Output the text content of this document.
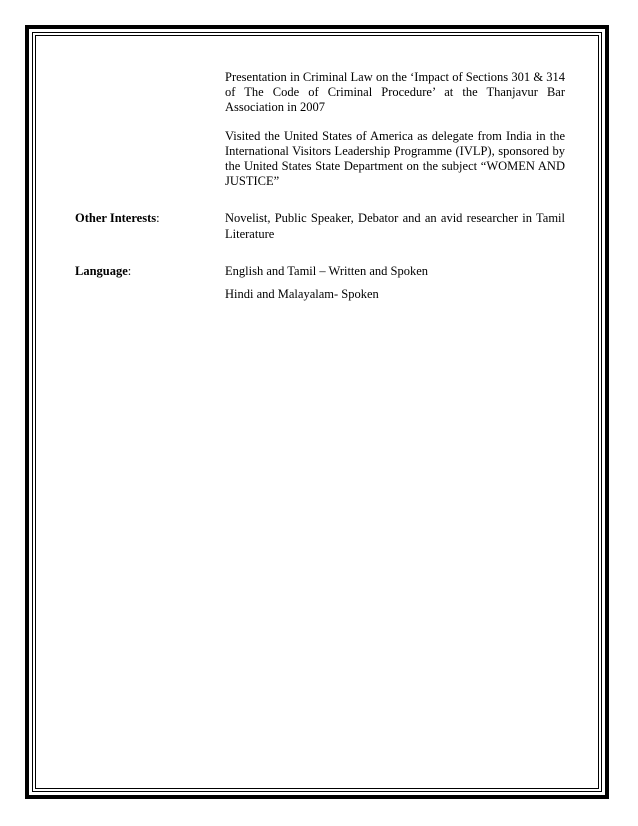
Presentation in Criminal Law on the ‘Impact of Sections 301 & 314 of The Code of Criminal Procedure’ at the Thanjavur Bar Association in 2007

Visited the United States of America as delegate from India in the International Visitors Leadership Programme (IVLP), sponsored by the United States State Department on the subject “WOMEN AND JUSTICE”

Other Interests:	Novelist, Public Speaker, Debator and an avid researcher in Tamil Literature

Language:	English and Tamil – Written and Spoken

Hindi and Malayalam- Spoken
